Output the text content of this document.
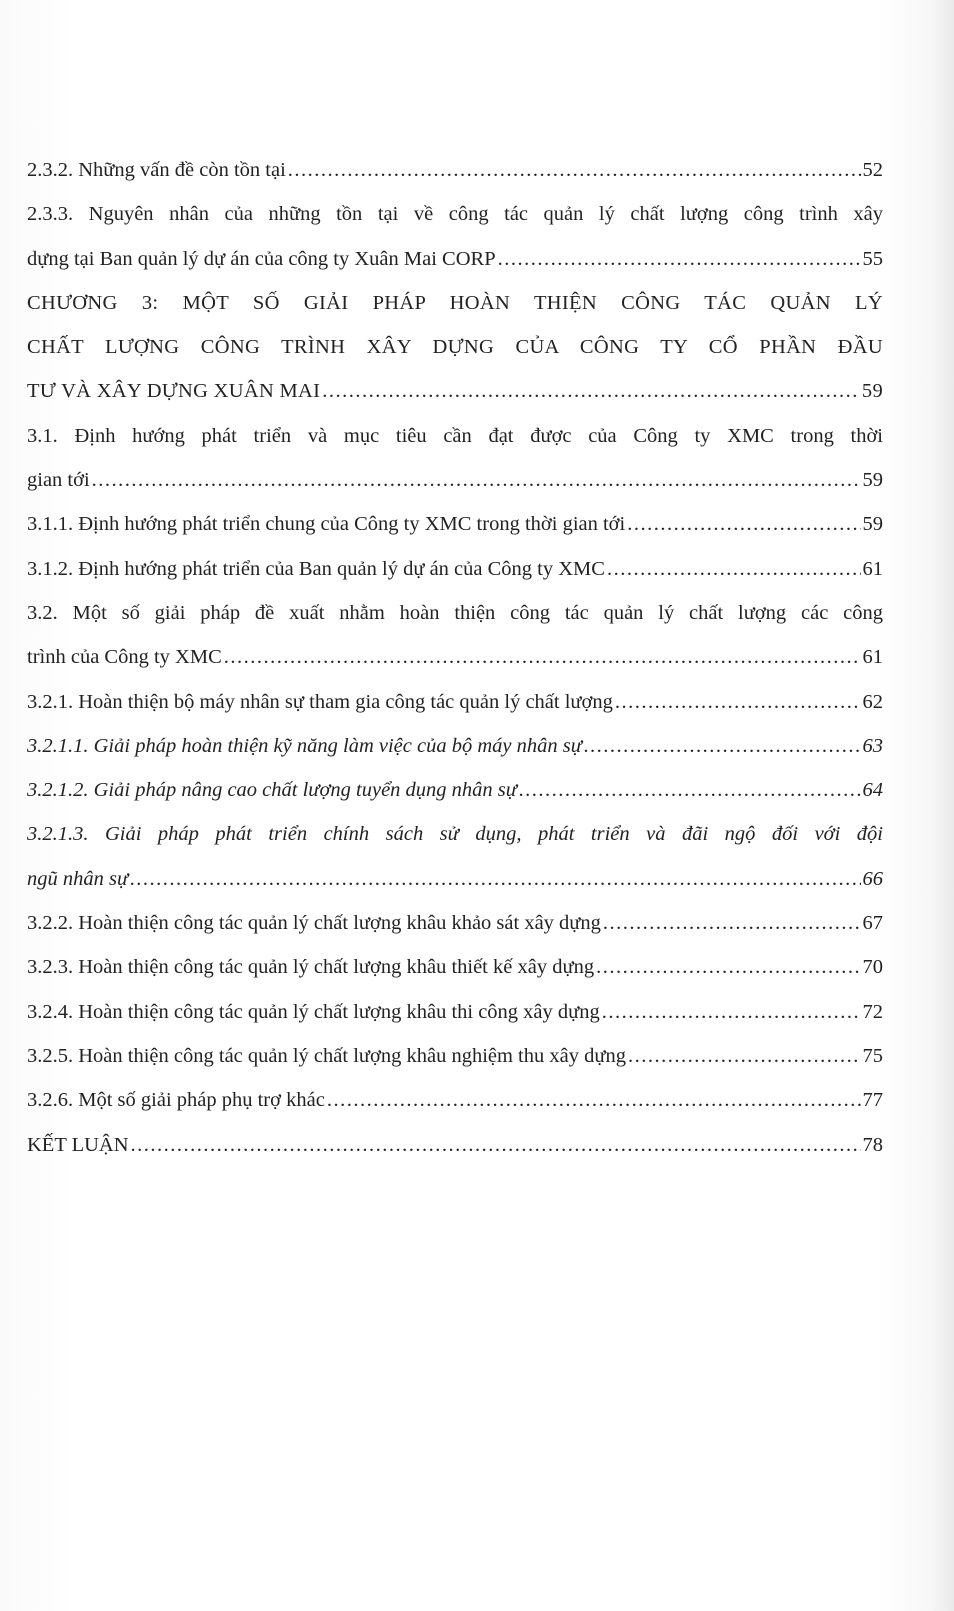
2.3.2. Những vấn đề còn tồn tại .....	52
2.3.3. Nguyên nhân của những tồn tại về công tác quản lý chất lượng công trình xây
dựng tại Ban quản lý dự án của công ty Xuân Mai CORP .....	55
CHƯƠNG 3: MỘT SỐ GIẢI PHÁP HOÀN THIỆN CÔNG TÁC QUẢN LÝ
CHẤT LƯỢNG CÔNG TRÌNH XÂY DỰNG CỦA CÔNG TY CỔ PHẦN ĐẦU
TƯ VÀ XÂY DỰNG XUÂN MAI .....	59
3.1. Định hướng phát triển và mục tiêu cần đạt được của Công ty XMC trong thời
gian tới .....	59
3.1.1. Định hướng phát triển chung của Công ty XMC trong thời gian tới .....	59
3.1.2. Định hướng phát triển của Ban quản lý dự án của Công ty XMC .....	61
3.2. Một số giải pháp đề xuất nhằm hoàn thiện công tác quản lý chất lượng các công
trình của Công ty XMC .....	61
3.2.1. Hoàn thiện bộ máy nhân sự tham gia công tác quản lý chất lượng .....	62
3.2.1.1. Giải pháp hoàn thiện kỹ năng làm việc của bộ máy nhân sự .....	63
3.2.1.2. Giải pháp nâng cao chất lượng tuyển dụng nhân sự .....	64
3.2.1.3. Giải pháp phát triển chính sách sử dụng, phát triển và đãi ngộ đối với đội
ngũ nhân sự .....	66
3.2.2. Hoàn thiện công tác quản lý chất lượng khâu khảo sát xây dựng .....	67
3.2.3. Hoàn thiện công tác quản lý chất lượng khâu thiết kế xây dựng .....	70
3.2.4. Hoàn thiện công tác quản lý chất lượng khâu thi công xây dựng .....	72
3.2.5. Hoàn thiện công tác quản lý chất lượng khâu nghiệm thu xây dựng .....	75
3.2.6. Một số giải pháp phụ trợ khác .....	77
KẾT LUẬN .....	78
